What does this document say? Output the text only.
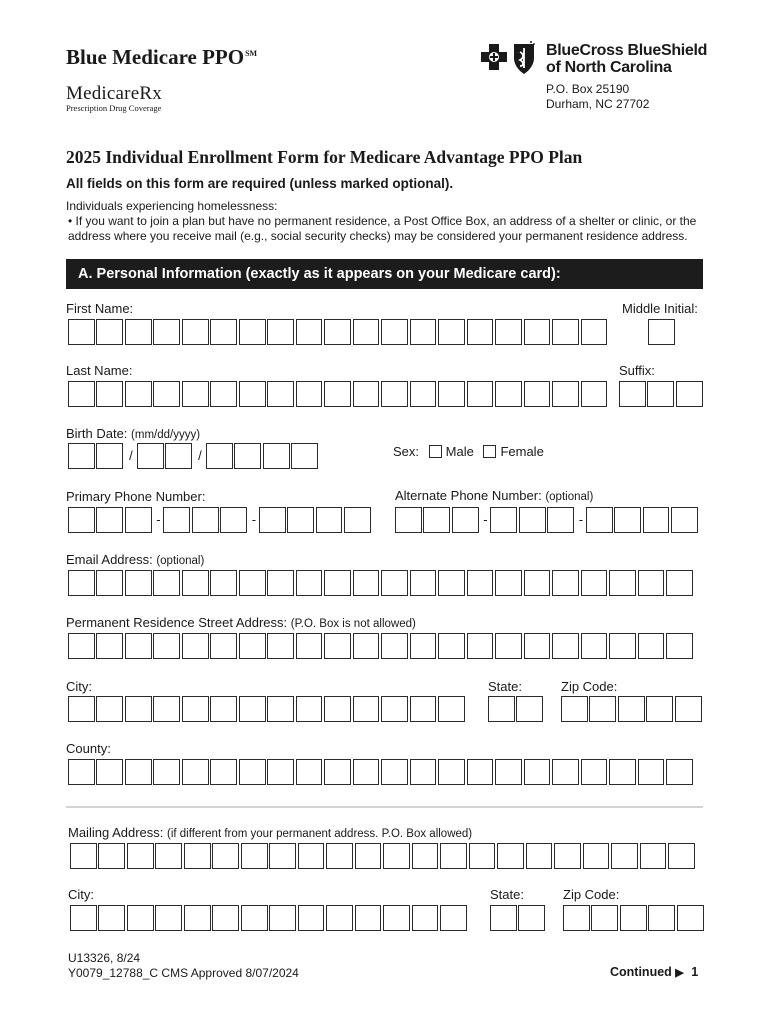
Blue Medicare PPO℠
MedicareRx
Prescription Drug Coverage
BlueCross BlueShield
of North Carolina
P.O. Box 25190
Durham, NC 27702
2025 Individual Enrollment Form for Medicare Advantage PPO Plan
All fields on this form are required (unless marked optional).
Individuals experiencing homelessness:
• If you want to join a plan but have no permanent residence, a Post Office Box, an address of a shelter or clinic, or the address where you receive mail (e.g., social security checks) may be considered your permanent residence address.
A. Personal Information (exactly as it appears on your Medicare card):
First Name:	Middle Initial:
Last Name:	Suffix:
Birth Date: (mm/dd/yyyy)
/	/	Sex: Male Female
Primary Phone Number:	Alternate Phone Number: (optional)
-	-	-	-
Email Address: (optional)
Permanent Residence Street Address: (P.O. Box is not allowed)
City:	State:	Zip Code:
County:
Mailing Address: (if different from your permanent address. P.O. Box allowed)
City:	State:	Zip Code:
U13326, 8/24
Y0079_12788_C CMS Approved 8/07/2024	Continued ▶ 1
